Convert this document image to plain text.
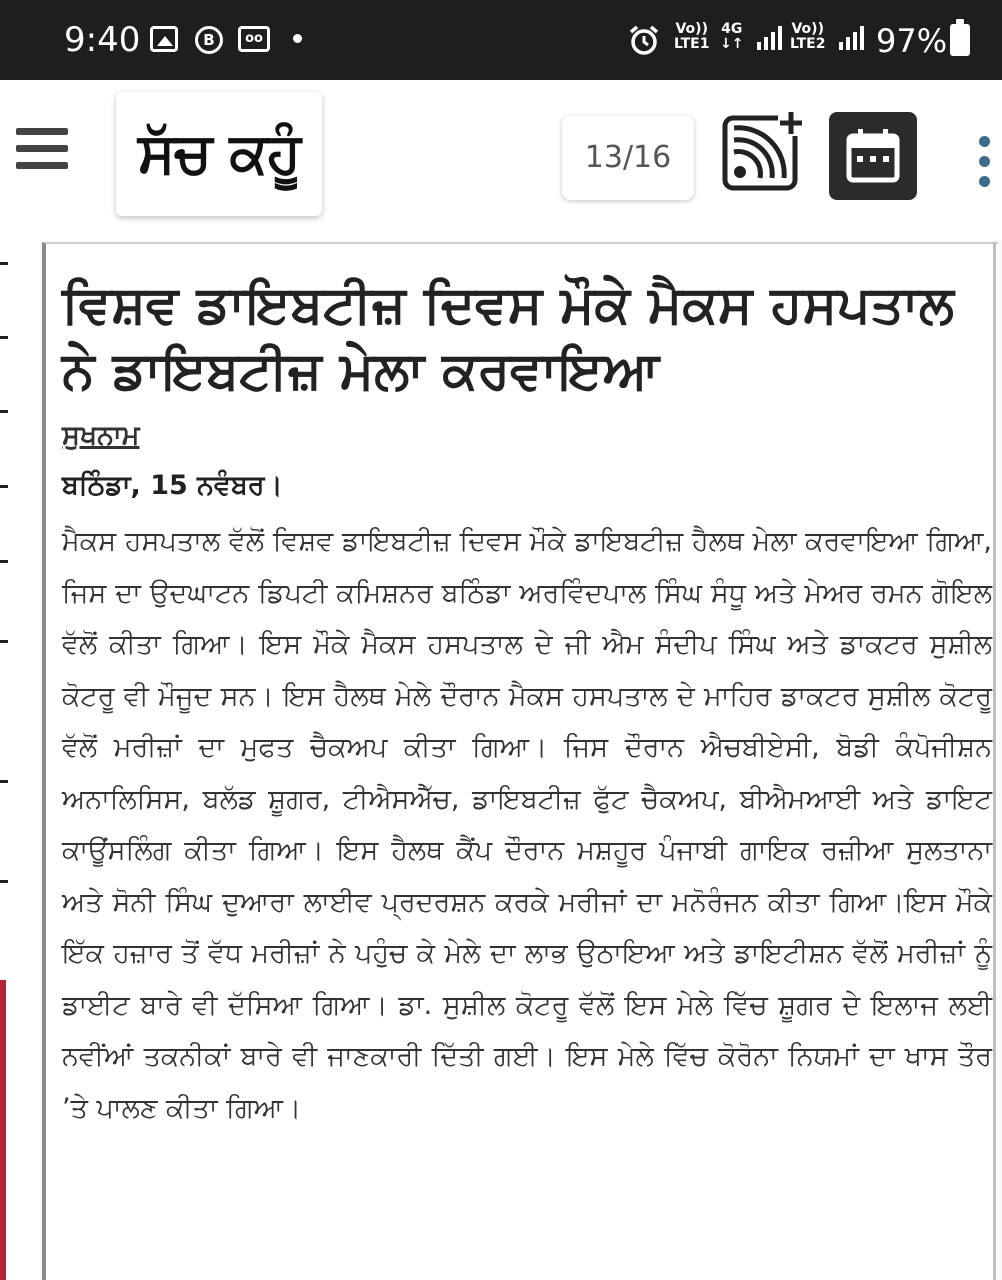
9:40	B	oo
Vo))
LTE1
4G
↓↑
Vo))
LTE2 97%
ਸੱਚ ਕਹੂੰ	13/16
ਵਿਸ਼ਵ ਡਾਇਬਟੀਜ਼ ਦਿਵਸ ਮੌਕੇ ਮੈਕਸ ਹਸਪਤਾਲ ਨੇ ਡਾਇਬਟੀਜ਼ ਮੇਲਾ ਕਰਵਾਇਆ
ਸੁਖਨਾਮ
ਬਠਿੰਡਾ, 15 ਨਵੰਬਰ।

ਮੈਕਸ ਹਸਪਤਾਲ ਵੱਲੋਂ ਵਿਸ਼ਵ ਡਾਇਬਟੀਜ਼ ਦਿਵਸ ਮੌਕੇ ਡਾਇਬਟੀਜ਼ ਹੈਲਥ ਮੇਲਾ ਕਰਵਾਇਆ ਗਿਆ, ਜਿਸ ਦਾ ਉਦਘਾਟਨ ਡਿਪਟੀ ਕਮਿਸ਼ਨਰ ਬਠਿੰਡਾ ਅਰਵਿੰਦਪਾਲ ਸਿੰਘ ਸੰਧੂ ਅਤੇ ਮੇਅਰ ਰਮਨ ਗੋਇਲ ਵੱਲੋਂ ਕੀਤਾ ਗਿਆ। ਇਸ ਮੌਕੇ ਮੈਕਸ ਹਸਪਤਾਲ ਦੇ ਜੀ ਐਮ ਸੰਦੀਪ ਸਿੰਘ ਅਤੇ ਡਾਕਟਰ ਸੁਸ਼ੀਲ ਕੋਟਰੂ ਵੀ ਮੌਜੂਦ ਸਨ। ਇਸ ਹੈਲਥ ਮੇਲੇ ਦੌਰਾਨ ਮੈਕਸ ਹਸਪਤਾਲ ਦੇ ਮਾਹਿਰ ਡਾਕਟਰ ਸੁਸ਼ੀਲ ਕੋਟਰੂ ਵੱਲੋਂ ਮਰੀਜ਼ਾਂ ਦਾ ਮੁਫਤ ਚੈਕਅਪ ਕੀਤਾ ਗਿਆ। ਜਿਸ ਦੌਰਾਨ ਐਚਬੀਏਸੀ, ਬੋਡੀ ਕੰਪੋਜੀਸ਼ਨ ਅਨਾਲਿਸਿਸ, ਬਲੱਡ ਸ਼ੂਗਰ, ਟੀਐਸਐੱਚ, ਡਾਇਬਟੀਜ਼ ਫੁੱਟ ਚੈਕਅਪ, ਬੀਐਮਆਈ ਅਤੇ ਡਾਇਟ ਕਾਊਂਸਲਿੰਗ ਕੀਤਾ ਗਿਆ। ਇਸ ਹੈਲਥ ਕੈਂਪ ਦੌਰਾਨ ਮਸ਼ਹੂਰ ਪੰਜਾਬੀ ਗਾਇਕ ਰਜ਼ੀਆ ਸੁਲਤਾਨਾ ਅਤੇ ਸੋਨੀ ਸਿੰਘ ਦੁਆਰਾ ਲਾਈਵ ਪ੍ਰਦਰਸ਼ਨ ਕਰਕੇ ਮਰੀਜਾਂ ਦਾ ਮਨੋਰੰਜਨ ਕੀਤਾ ਗਿਆ।ਇਸ ਮੌਕੇ ਇੱਕ ਹਜ਼ਾਰ ਤੋਂ ਵੱਧ ਮਰੀਜ਼ਾਂ ਨੇ ਪਹੁੰਚ ਕੇ ਮੇਲੇ ਦਾ ਲਾਭ ਉਠਾਇਆ ਅਤੇ ਡਾਇਟੀਸ਼ਨ ਵੱਲੋਂ ਮਰੀਜ਼ਾਂ ਨੂੰ ਡਾਈਟ ਬਾਰੇ ਵੀ ਦੱਸਿਆ ਗਿਆ। ਡਾ. ਸੁਸ਼ੀਲ ਕੋਟਰੂ ਵੱਲੋਂ ਇਸ ਮੇਲੇ ਵਿੱਚ ਸ਼ੂਗਰ ਦੇ ਇਲਾਜ ਲਈ ਨਵੀਂਆਂ ਤਕਨੀਕਾਂ ਬਾਰੇ ਵੀ ਜਾਣਕਾਰੀ ਦਿੱਤੀ ਗਈ। ਇਸ ਮੇਲੇ ਵਿੱਚ ਕੋਰੋਨਾ ਨਿਯਮਾਂ ਦਾ ਖਾਸ ਤੌਰ ’ਤੇ ਪਾਲਣ ਕੀਤਾ ਗਿਆ।
